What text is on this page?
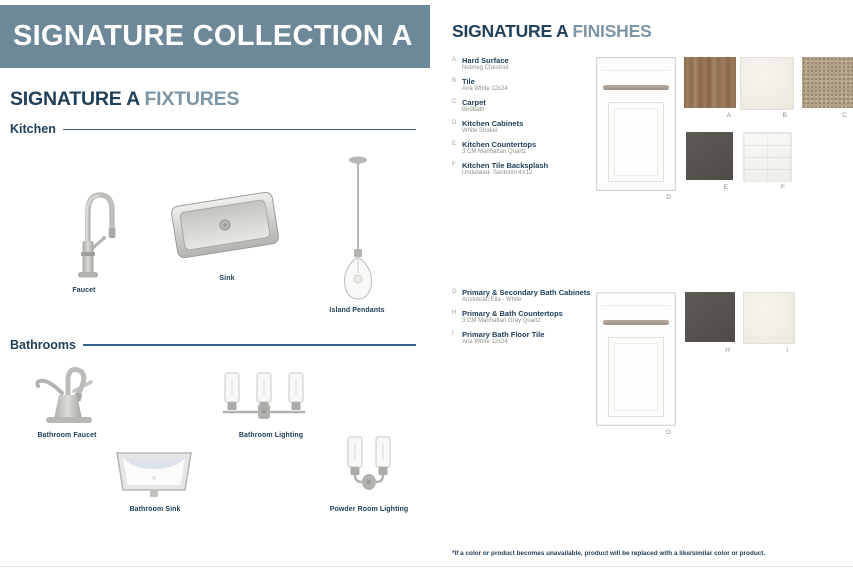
SIGNATURE COLLECTION A
SIGNATURE A FIXTURES
Kitchen
Faucet
Sink
Island Pendants
Bathrooms
Bathroom Faucet	Bathroom Lighting
Bathroom Sink	Powder Room Lighting
SIGNATURE A FINISHES
A Hard Surface
Nutmeg Chestnut
B Tile
Aria White 12x24
C Carpet
Birdbath
D Kitchen Cabinets
White Shaker
E Kitchen Countertops
3 CM Manhattan Quartz
F Kitchen Tile Backsplash
Undulated- Santorini 4X12
G Primary & Secondary Bath Cabinets
Aristokraft Ella - White
H Primary & Bath Countertops
3 CM Manhattan Gray Quartz
I	Primary Bath Floor Tile
Aria White 12x24
D
A	B	C
E	F
G
H	I
*If a color or product becomes unavailable, product will be replaced with a like/similar color or product.
